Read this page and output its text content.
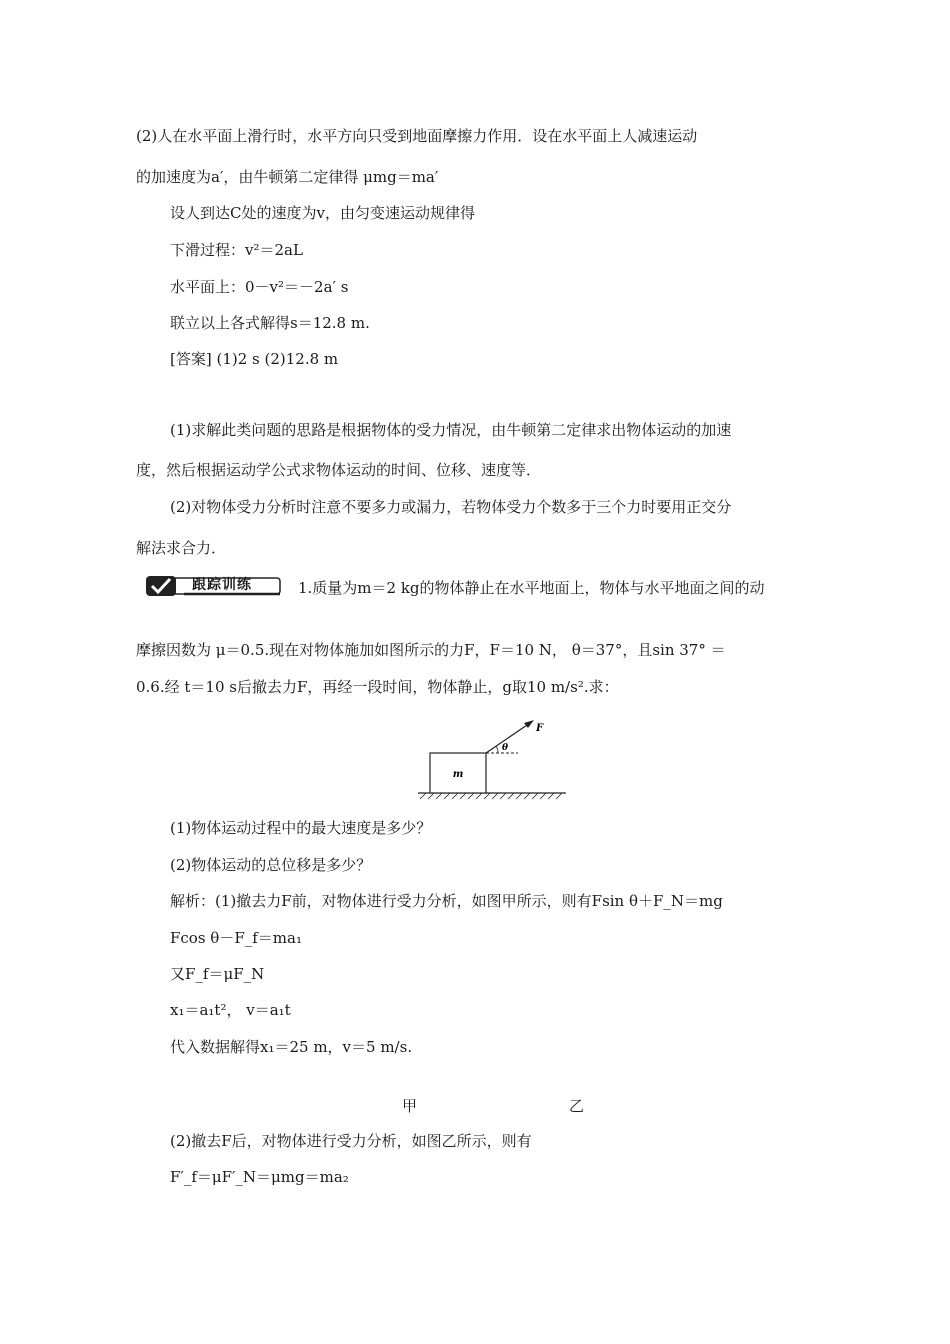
(2)人在水平面上滑行时，水平方向只受到地面摩擦力作用．设在水平面上人减速运动
的加速度为a′，由牛顿第二定律得 μmg＝ma′
设人到达C处的速度为v，由匀变速运动规律得
下滑过程：v²＝2aL
水平面上：0－v²＝－2a′ s
联立以上各式解得s＝12.8 m.
[答案] (1)2 s (2)12.8 m
(1)求解此类问题的思路是根据物体的受力情况，由牛顿第二定律求出物体运动的加速
度，然后根据运动学公式求物体运动的时间、位移、速度等．
(2)对物体受力分析时注意不要多力或漏力，若物体受力个数多于三个力时要用正交分
解法求合力．
跟踪训练	1.质量为m＝2 kg的物体静止在水平地面上，物体与水平地面之间的动
摩擦因数为 μ＝0.5.现在对物体施加如图所示的力F，F＝10 N， θ＝37°，且sin 37° ＝
0.6.经 t＝10 s后撤去力F，再经一段时间，物体静止，g取10 m/s².求：
m
F
θ
(1)物体运动过程中的最大速度是多少？
(2)物体运动的总位移是多少？
解析：(1)撤去力F前，对物体进行受力分析，如图甲所示，则有Fsin θ＋F_N＝mg
Fcos θ－F_f＝ma₁
又F_f＝μF_N
x₁＝a₁t²， v＝a₁t
代入数据解得x₁＝25 m，v＝5 m/s.
甲	乙
(2)撤去F后，对物体进行受力分析，如图乙所示，则有
F′_f＝μF′_N＝μmg＝ma₂
